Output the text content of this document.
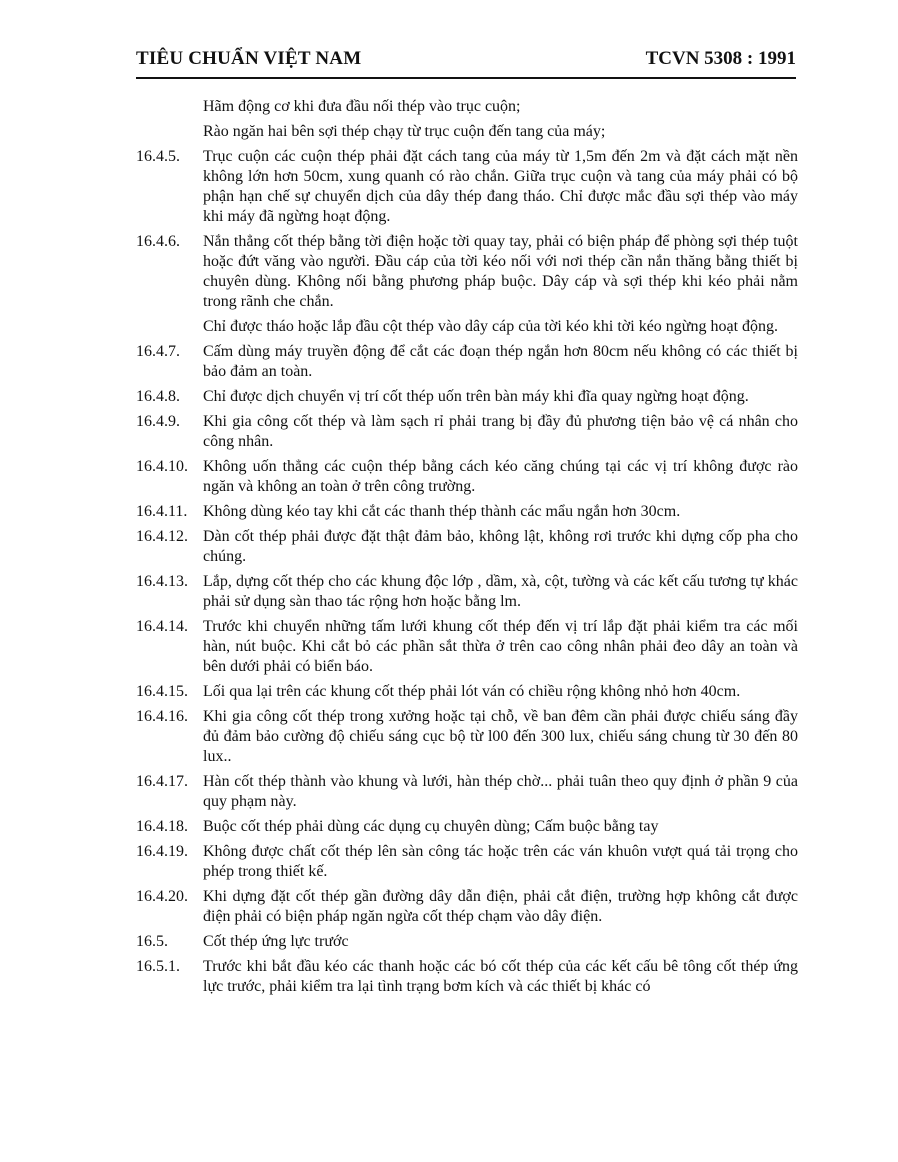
TIÊU CHUẨN VIỆT NAM	TCVN 5308 : 1991
Hãm động cơ khi đưa đầu nối thép vào trục cuộn;
Rào ngăn hai bên sợi thép chạy từ trục cuộn đến tang của máy;
16.4.5.	Trục cuộn các cuộn thép phải đặt cách tang của máy từ 1,5m đến 2m và đặt cách mặt nền không lớn hơn 50cm, xung quanh có rào chắn. Giữa trục cuộn và tang của máy phải có bộ phận hạn chế sự chuyển dịch của dây thép đang tháo. Chỉ được mắc đầu sợi thép vào máy khi máy đã ngừng hoạt động.
16.4.6.	Nắn thẳng cốt thép bằng tời điện hoặc tời quay tay, phải có biện pháp để phòng sợi thép tuột hoặc đứt văng vào người. Đầu cáp của tời kéo nối với nơi thép cần nắn thăng bằng thiết bị chuyên dùng. Không nối bằng phương pháp buộc. Dây cáp và sợi thép khi kéo phải nằm trong rãnh che chắn.
Chỉ được tháo hoặc lắp đầu cột thép vào dây cáp của tời kéo khi tời kéo ngừng hoạt động.
16.4.7.	Cấm dùng máy truyền động để cắt các đoạn thép ngắn hơn 80cm nếu không có các thiết bị bảo đảm an toàn.
16.4.8.	Chỉ được dịch chuyển vị trí cốt thép uốn trên bàn máy khi đĩa quay ngừng hoạt động.
16.4.9.	Khi gia công cốt thép và làm sạch rỉ phải trang bị đầy đủ phương tiện bảo vệ cá nhân cho công nhân.
16.4.10. Không uốn thẳng các cuộn thép bằng cách kéo căng chúng tại các vị trí không được rào ngăn và không an toàn ở trên công trường.
16.4.11. Không dùng kéo tay khi cắt các thanh thép thành các mẩu ngắn hơn 30cm.
16.4.12. Dàn cốt thép phải được đặt thật đảm bảo, không lật, không rơi trước khi dựng cốp pha cho chúng.
16.4.13. Lắp, dựng cốt thép cho các khung độc lớp , dầm, xà, cột, tường và các kết cấu tương tự khác phải sử dụng sàn thao tác rộng hơn hoặc bằng lm.
16.4.14. Trước khi chuyển những tấm lưới khung cốt thép đến vị trí lắp đặt phải kiểm tra các mối hàn, nút buộc. Khi cắt bỏ các phần sắt thừa ở trên cao công nhân phải đeo dây an toàn và bên dưới phải có biển báo.
16.4.15. Lối qua lại trên các khung cốt thép phải lót ván có chiều rộng không nhỏ hơn 40cm.
16.4.16. Khi gia công cốt thép trong xưởng hoặc tại chỗ, về ban đêm cần phải được chiếu sáng đầy đủ đảm bảo cường độ chiếu sáng cục bộ từ l00 đến 300 lux, chiếu sáng chung từ 30 đến 80 lux..
16.4.17. Hàn cốt thép thành vào khung và lưới, hàn thép chờ... phải tuân theo quy định ở phần 9 của quy phạm này.
16.4.18. Buộc cốt thép phải dùng các dụng cụ chuyên dùng; Cấm buộc bằng tay
16.4.19. Không được chất cốt thép lên sàn công tác hoặc trên các ván khuôn vượt quá tải trọng cho phép trong thiết kế.
16.4.20. Khi dựng đặt cốt thép gần đường dây dẫn điện, phải cắt điện, trường hợp không cắt được điện phải có biện pháp ngăn ngừa cốt thép chạm vào dây điện.
16.5.	Cốt thép ứng lực trước
16.5.1.	Trước khi bắt đầu kéo các thanh hoặc các bó cốt thép của các kết cấu bê tông cốt thép ứng lực trước, phải kiểm tra lại tình trạng bơm kích và các thiết bị khác có
